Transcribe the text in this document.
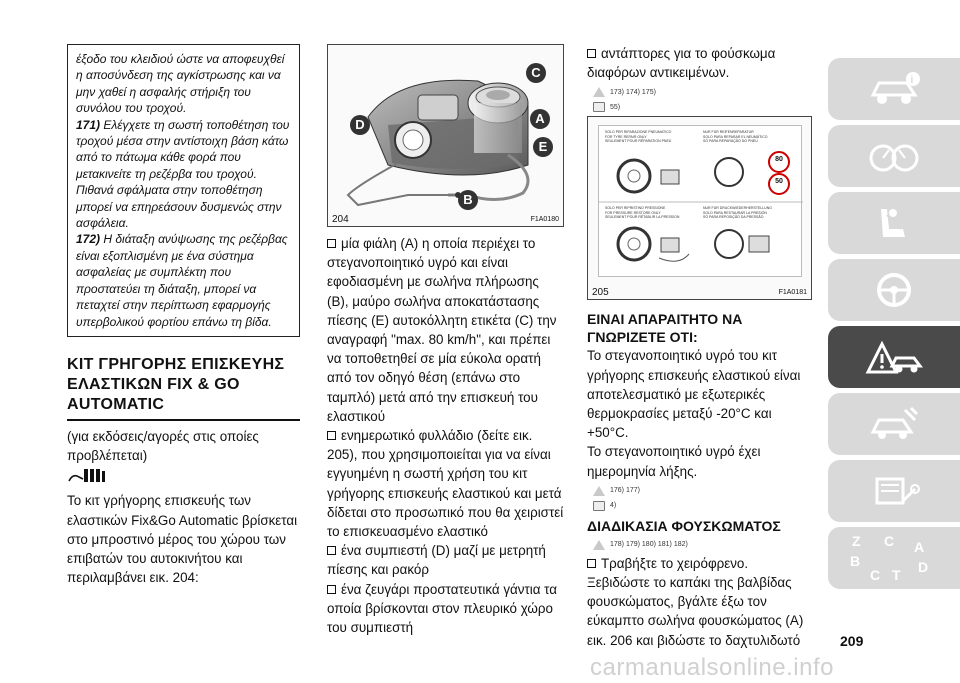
έξοδο του κλειδιού ώστε να αποφευχθεί η αποσύνδεση της αγκίστρωσης και να μην χαθεί η ασφαλής στήριξη του συνόλου του τροχού.

171) Ελέγχετε τη σωστή τοποθέτηση του τροχού μέσα στην αντίστοιχη βάση κάτω από το πάτωμα κάθε φορά που μετακινείτε τη ρεζέρβα του τροχού. Πιθανά σφάλματα στην τοποθέτηση μπορεί να επηρεάσουν δυσμενώς στην ασφάλεια.

172) Η διάταξη ανύψωσης της ρεζέρβας είναι εξοπλισμένη με ένα σύστημα ασφαλείας με συμπλέκτη που προστατεύει τη διάταξη, μπορεί να πεταχτεί στην περίπτωση εφαρμογής υπερβολικού φορτίου επάνω τη βίδα.

ΚΙΤ ΓΡΗΓΟΡΗΣ ΕΠΙΣΚΕΥΗΣ ΕΛΑΣΤΙΚΩΝ FIX & GO AUTOMATIC
(για εκδόσεις/αγορές στις οποίες προβλέπεται)
Το κιτ γρήγορης επισκευής των ελαστικών Fix&Go Automatic βρίσκεται στο μπροστινό μέρος του χώρου των επιβατών του αυτοκινήτου και περιλαμβάνει εικ. 204:
C
A
E
D
B
204	F1A0180
μία φιάλη (A) η οποία περιέχει το στεγανοποιητικό υγρό και είναι εφοδιασμένη με σωλήνα πλήρωσης (B), μαύρο σωλήνα αποκατάστασης πίεσης (E) αυτοκόλλητη ετικέτα (C) την αναγραφή "max. 80 km/h", και πρέπει να τοποθετηθεί σε μία εύκολα ορατή από τον οδηγό θέση (επάνω στο ταμπλό) μετά από την επισκευή του ελαστικού
ενημερωτικό φυλλάδιο (δείτε εικ. 205), που χρησιμοποιείται για να είναι εγγυημένη η σωστή χρήση του κιτ γρήγορης επισκευής ελαστικού και μετά δίδεται στο προσωπικό που θα χειριστεί το επισκευασμένο ελαστικό
ένα συμπιεστή (D) μαζί με μετρητή πίεσης και ρακόρ
ένα ζευγάρι προστατευτικά γάντια τα οποία βρίσκονται στον πλευρικό χώρο του συμπιεστή
αντάπτορες για το φούσκωμα διαφόρων αντικειμένων.
173) 174) 175)
55)
SOLO PER RIPARAZIONE PNEUMATICO
FOR TYRE REPAIR ONLY
SEULEMENT POUR RÉPARATION PNEU
NUR FÜR REIFENREPARATUR
SOLO PARA REPARAR EL NEUMÁTICO
SÓ PARA REPARAÇÃO DO PNEU
SOLO PER RIPRISTINO PRESSIONE
FOR PRESSURE RESTORE ONLY
SEULEMENT POUR RÉTABLIR LA PRESSION
NUR FÜR DRUCKWIEDERHERSTELLUNG
SOLO PARA RESTAURAR LA PRESIÓN
SÓ PARA REPOSIÇÃO DA PRESSÃO
80
50
205	F1A0181
ΕΙΝΑΙ ΑΠΑΡΑΙΤΗΤΟ ΝΑ ΓΝΩΡΙΖΕΤΕ ΟΤΙ:
Το στεγανοποιητικό υγρό του κιτ γρήγορης επισκευής ελαστικού είναι αποτελεσματικό με εξωτερικές θερμοκρασίες μεταξύ -20°C και +50°C.
Το στεγανοποιητικό υγρό έχει ημερομηνία λήξης.
176) 177)
4)
ΔΙΑΔΙΚΑΣΙΑ ΦΟΥΣΚΩΜΑΤΟΣ
178) 179) 180) 181) 182)
Τραβήξτε το χειρόφρενο.
Ξεβιδώστε το καπάκι της βαλβίδας φουσκώματος, βγάλτε έξω τον εύκαμπτο σωλήνα φουσκώματος (A) εικ. 206 και βιδώστε το δαχτυλιδωτό
i
Z C A
B	D
C T
209
carmanualsonline.info
